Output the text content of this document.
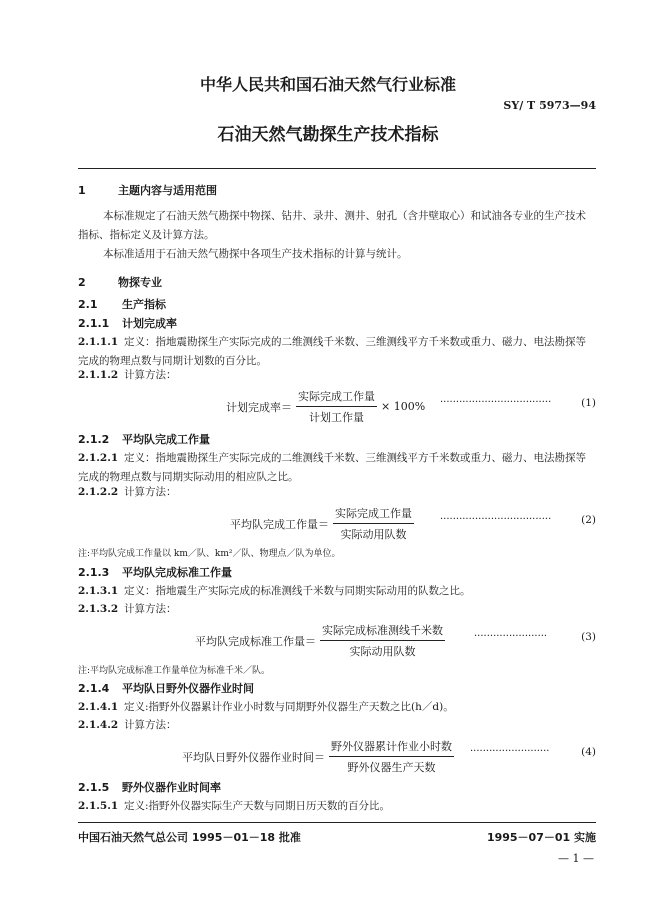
中华人民共和国石油天然气行业标准
SY/ T 5973—94
石油天然气勘探生产技术指标
1	主题内容与适用范围
本标准规定了石油天然气勘探中物探、钻井、录井、测井、射孔（含井壁取心）和试油各专业的生产技术指标、指标定义及计算方法。
本标准适用于石油天然气勘探中各项生产技术指标的计算与统计。
2	物探专业
2.1 生产指标
2.1.1 计划完成率
2.1.1.1 定义：指地震勘探生产实际完成的二维测线千米数、三维测线平方千米数或重力、磁力、电法勘探等完成的物理点数与同期计划数的百分比。
2.1.1.2 计算方法：
计划完成率＝ $\frac{\text{实际完成工作量}}{\text{计划工作量}} \times 100\%$ ···································	(1)
2.1.2 平均队完成工作量
2.1.2.1 定义：指地震勘探生产实际完成的二维测线千米数、三维测线平方千米数或重力、磁力、电法勘探等完成的物理点数与同期实际动用的相应队之比。
2.1.2.2 计算方法：
平均队完成工作量＝ $\frac{\text{实际完成工作量}}{\text{实际动用队数}}$	···································	(2)
注:平均队完成工作量以 km／队、km²／队、物理点／队为单位。
2.1.3 平均队完成标准工作量
2.1.3.1 定义：指地震生产实际完成的标准测线千米数与同期实际动用的队数之比。
2.1.3.2 计算方法：
平均队完成标准工作量＝ $\frac{\text{实际完成标准测线千米数}}{\text{实际动用队数}}$	·······················	(3)
注:平均队完成标准工作量单位为标准千米／队。
2.1.4 平均队日野外仪器作业时间
2.1.4.1 定义:指野外仪器累计作业小时数与同期野外仪器生产天数之比(h／d)。
2.1.4.2 计算方法：
平均队日野外仪器作业时间＝ $\frac{\text{野外仪器累计作业小时数}}{\text{野外仪器生产天数}}$ ·························	(4)
2.1.5 野外仪器作业时间率
2.1.5.1 定义:指野外仪器实际生产天数与同期日历天数的百分比。
中国石油天然气总公司 1995－01－18 批准	1995－07－01 实施
— 1 —
